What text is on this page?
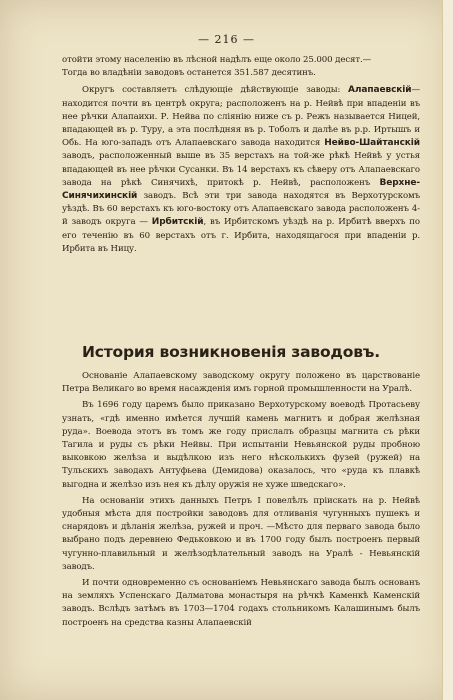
— 216 —

отойти этому населенію въ лѣсной надѣлъ еще около 25.000 десят.—

Тогда во владѣніи заводовъ останется 351.587 десятинъ.

Округъ составляетъ слѣдующіе дѣйствующіе заводы: Алапаевскій— находится почти въ центрѣ округа; расположенъ на р. Нейвѣ при впаденіи въ нее рѣчки Алапаихи. Р. Нейва по сліянію ниже съ р. Режъ называется Ницей, впадающей въ р. Туру, а эта послѣдняя въ р. Тоболъ и далѣе въ р.р. Иртышъ и Обь. На юго-западъ отъ Алапаевскаго завода находится Нейво-Шайтанскій заводъ, расположенный выше въ 35 верстахъ на той-же рѣкѣ Нейвѣ у устья впадающей въ нее рѣчки Сусанки. Въ 14 верстахъ къ сѣверу отъ Алапаевскаго завода на рѣкѣ Синячихѣ, притокѣ р. Нейвѣ, расположенъ Верхне-Синячихинскій заводъ. Всѣ эти три завода находятся въ Верхотурскомъ уѣздѣ. Въ 60 верстахъ къ юго-востоку отъ Алапаевскаго завода расположенъ 4-й заводъ округа — Ирбитскій, въ Ирбитскомъ уѣздѣ на р. Ирбитѣ вверхъ по его теченію въ 60 верстахъ отъ г. Ирбита, находящагося при впаденіи р. Ирбита въ Ницу.

История возникновенія заводовъ.

Основаніе Алапаевскому заводскому округу положено въ царствованіе Петра Великаго во время насажденія имъ горной промышленности на Уралѣ.

Въ 1696 году царемъ было приказано Верхотурскому воеводѣ Протасьеву узнать, «гдѣ именно имѣется лучшій камень магнитъ и добрая желѣзная руда». Воевода этотъ въ томъ же году прислалъ образцы магнита съ рѣки Тагила и руды съ рѣки Нейвы. При испытаніи Невьянской руды пробною выковкою желѣза и выдѣлкою изъ него нѣсколькихъ фузей (ружей) на Тульскихъ заводахъ Антуфьева (Демидова) оказалось, что «руда къ плавкѣ выгодна и желѣзо изъ нея къ дѣлу оружія не хуже шведскаго».

На основаніи этихъ данныхъ Петръ I повелѣлъ пріискать на р. Нейвѣ удобныя мѣста для постройки заводовъ для отливанія чугунныхъ пушекъ и снарядовъ и дѣланія желѣза, ружей и проч. —Мѣсто для перваго завода было выбрано подъ деревнею Федьковкою и въ 1700 году былъ построенъ первый чугунно-плавильный и желѣзодѣлательный заводъ на Уралѣ - Невьянскій заводъ.

И почти одновременно съ основаніемъ Невьянскаго завода былъ основанъ на земляхъ Успенскаго Далматова монастыря на рѣчкѣ Каменкѣ Каменскій заводъ. Вслѣдъ затѣмъ въ 1703—1704 годахъ стольникомъ Калашинымъ былъ построенъ на средства казны Алапаевскій
